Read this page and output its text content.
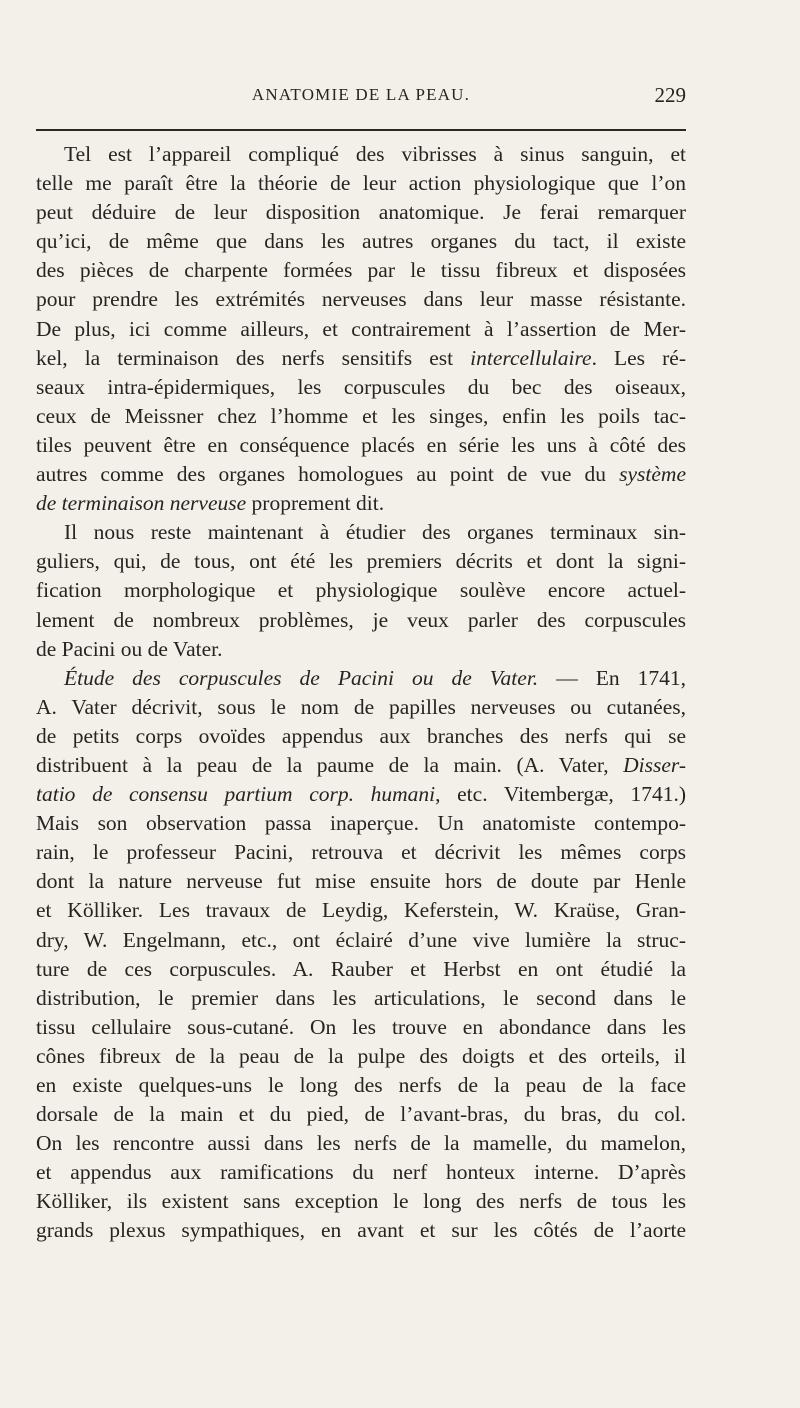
ANATOMIE DE LA PEAU.	229
Tel est l’appareil compliqué des vibrisses à sinus sanguin, et
telle me paraît être la théorie de leur action physiologique que l’on
peut déduire de leur disposition anatomique. Je ferai remarquer
qu’ici, de même que dans les autres organes du tact, il existe
des pièces de charpente formées par le tissu fibreux et disposées
pour prendre les extrémités nerveuses dans leur masse résistante.
De plus, ici comme ailleurs, et contrairement à l’assertion de Mer-
kel, la terminaison des nerfs sensitifs est intercellulaire. Les ré-
seaux intra-épidermiques, les corpuscules du bec des oiseaux,
ceux de Meissner chez l’homme et les singes, enfin les poils tac-
tiles peuvent être en conséquence placés en série les uns à côté des
autres comme des organes homologues au point de vue du système
de terminaison nerveuse proprement dit.
Il nous reste maintenant à étudier des organes terminaux sin-
guliers, qui, de tous, ont été les premiers décrits et dont la signi-
fication morphologique et physiologique soulève encore actuel-
lement de nombreux problèmes, je veux parler des corpuscules
de Pacini ou de Vater.
Étude des corpuscules de Pacini ou de Vater. — En 1741,
A. Vater décrivit, sous le nom de papilles nerveuses ou cutanées,
de petits corps ovoïdes appendus aux branches des nerfs qui se
distribuent à la peau de la paume de la main. (A. Vater, Disser-
tatio de consensu partium corp. humani, etc. Vitembergæ, 1741.)
Mais son observation passa inaperçue. Un anatomiste contempo-
rain, le professeur Pacini, retrouva et décrivit les mêmes corps
dont la nature nerveuse fut mise ensuite hors de doute par Henle
et Kölliker. Les travaux de Leydig, Keferstein, W. Kraüse, Gran-
dry, W. Engelmann, etc., ont éclairé d’une vive lumière la struc-
ture de ces corpuscules. A. Rauber et Herbst en ont étudié la
distribution, le premier dans les articulations, le second dans le
tissu cellulaire sous-cutané. On les trouve en abondance dans les
cônes fibreux de la peau de la pulpe des doigts et des orteils, il
en existe quelques-uns le long des nerfs de la peau de la face
dorsale de la main et du pied, de l’avant-bras, du bras, du col.
On les rencontre aussi dans les nerfs de la mamelle, du mamelon,
et appendus aux ramifications du nerf honteux interne. D’après
Kölliker, ils existent sans exception le long des nerfs de tous les
grands plexus sympathiques, en avant et sur les côtés de l’aorte
